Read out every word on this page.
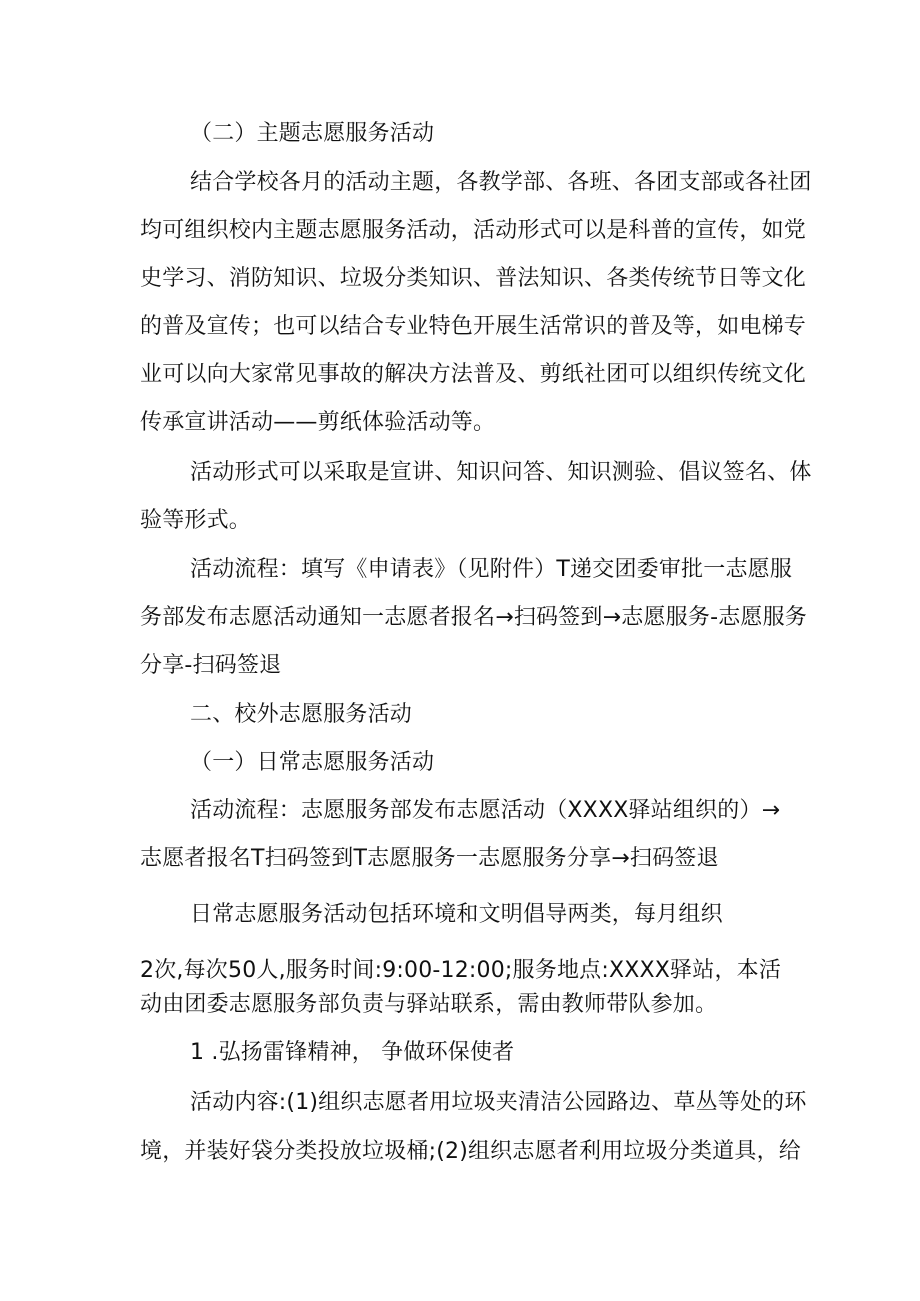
（二）主题志愿服务活动
结合学校各月的活动主题，各教学部、各班、各团支部或各社团
均可组织校内主题志愿服务活动，活动形式可以是科普的宣传，如党
史学习、消防知识、垃圾分类知识、普法知识、各类传统节日等文化
的普及宣传；也可以结合专业特色开展生活常识的普及等，如电梯专
业可以向大家常见事故的解决方法普及、剪纸社团可以组织传统文化
传承宣讲活动——剪纸体验活动等。
活动形式可以采取是宣讲、知识问答、知识测验、倡议签名、体
验等形式。
活动流程：填写《申请表》（见附件）T递交团委审批一志愿服
务部发布志愿活动通知一志愿者报名→扫码签到→志愿服务-志愿服务
分享-扫码签退
二、校外志愿服务活动
（一）日常志愿服务活动
活动流程：志愿服务部发布志愿活动（XXXX驿站组织的）→
志愿者报名T扫码签到T志愿服务一志愿服务分享→扫码签退
日常志愿服务活动包括环境和文明倡导两类，每月组织
2次,每次50人,服务时间:9:00-12:00;服务地点:XXXX驿站，本活
动由团委志愿服务部负责与驿站联系，需由教师带队参加。
1 .弘扬雷锋精神， 争做环保使者
活动内容:(1)组织志愿者用垃圾夹清洁公园路边、草丛等处的环
境，并装好袋分类投放垃圾桶;(2)组织志愿者利用垃圾分类道具，给
